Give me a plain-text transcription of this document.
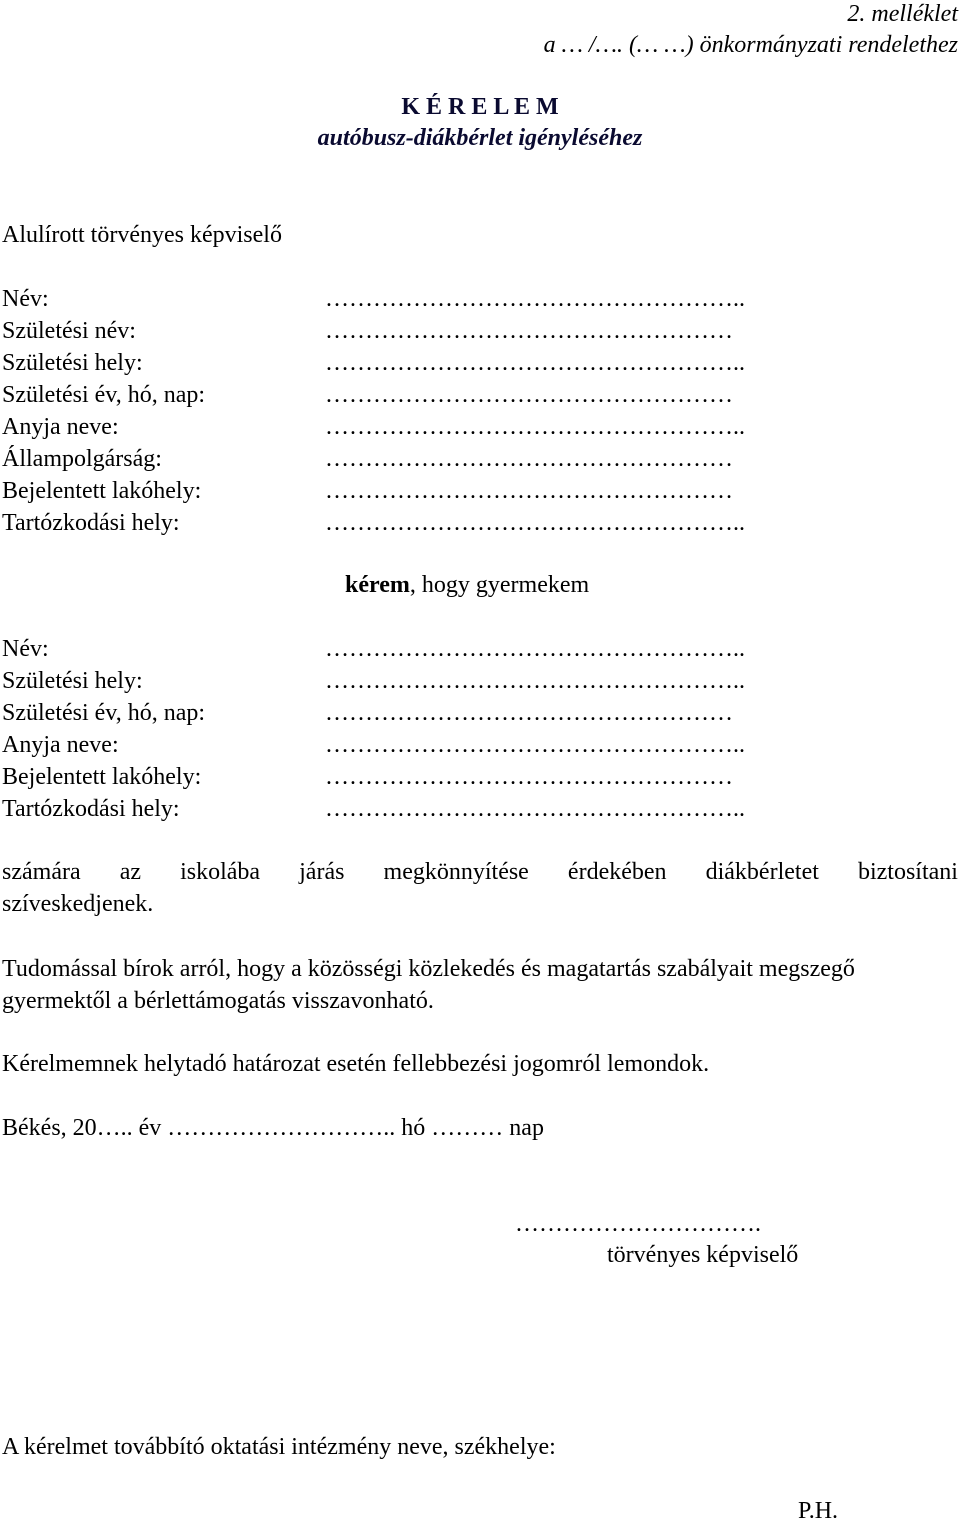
2. melléklet
a … /…. (… …) önkormányzati rendelethez
K É R E L E M
autóbusz-diákbérlet igényléséhez
Alulírott törvényes képviselő
Név:	……………………………………………..
Születési név:	……………………………………………
Születési hely:	……………………………………………..
Születési év, hó, nap:	……………………………………………
Anyja neve:	……………………………………………..
Állampolgárság:	……………………………………………
Bejelentett lakóhely:	……………………………………………
Tartózkodási hely:	……………………………………………..
kérem, hogy gyermekem
Név:	……………………………………………..
Születési hely:	……………………………………………..
Születési év, hó, nap:	……………………………………………
Anyja neve:	……………………………………………..
Bejelentett lakóhely:	……………………………………………
Tartózkodási hely:	……………………………………………..
számára az iskolába járás megkönnyítése érdekében diákbérletet biztosítani
szíveskedjenek.
Tudomással bírok arról, hogy a közösségi közlekedés és magatartás szabályait megszegő
gyermektől a bérlettámogatás visszavonható.
Kérelmemnek helytadó határozat esetén fellebbezési jogomról lemondok.
Békés, 20….. év ……………………….. hó ……… nap
………………………….
törvényes képviselő
A kérelmet továbbító oktatási intézmény neve, székhelye:
P.H.
